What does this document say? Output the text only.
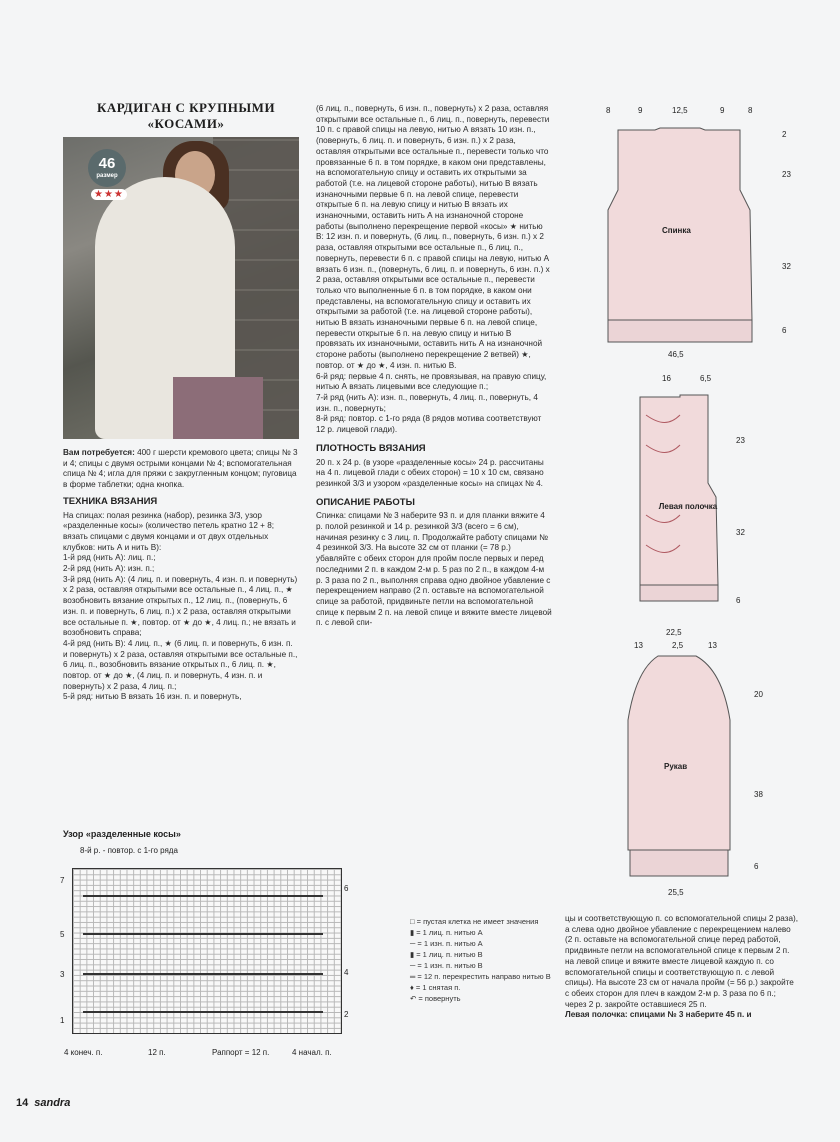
КАРДИГАН С КРУПНЫМИ
«КОСАМИ»
46
размер
★★★

Вам потребуется: 400 г шерсти кремового цвета; спицы № 3 и 4; спицы с двумя острыми концами № 4; вспомогательная спица № 4; игла для пряжи с закругленным концом; пуговица в форме таблетки; одна кнопка.

ТЕХНИКА ВЯЗАНИЯ

На спицах: полая резинка (набор), резинка 3/3, узор «разделенные косы» (количество петель кратно 12 + 8; вязать спицами с двумя концами и от двух отдельных клубков: нить А и нить В):

1-й ряд (нить А): лиц. п.;

2-й ряд (нить А): изн. п.;

3-й ряд (нить А): (4 лиц. п. и повернуть, 4 изн. п. и повернуть) х 2 раза, оставляя открытыми все остальные п., 4 лиц. п., ★ возобновить вязание открытых п., 12 лиц. п., (повернуть, 6 изн. п. и повернуть, 6 лиц. п.) х 2 раза, оставляя открытыми все остальные п. ★, повтор. от ★ до ★, 4 лиц. п.; не вязать и возобновить справа;

4-й ряд (нить В): 4 лиц. п., ★ (6 лиц. п. и повернуть, 6 изн. п. и повернуть) х 2 раза, оставляя открытыми все остальные п., 6 лиц. п., возобновить вязание открытых п., 6 лиц. п. ★, повтор. от ★ до ★, (4 лиц. п. и повернуть, 4 изн. п. и повернуть) х 2 раза, 4 лиц. п.;

5-й ряд: нитью В вязать 16 изн. п. и повернуть,

(6 лиц. п., повернуть, 6 изн. п., повернуть) х 2 раза, оставляя открытыми все остальные п., 6 лиц. п., повернуть, перевести 10 п. с правой спицы на левую, нитью А вязать 10 изн. п., (повернуть, 6 лиц. п. и повернуть, 6 изн. п.) х 2 раза, оставляя открытыми все остальные п., перевести только что провязанные 6 п. в том порядке, в каком они представлены, на вспомогательную спицу и оставить их открытыми за работой (т.е. на лицевой стороне работы), нитью В вязать изнаночными первые 6 п. на левой спице, перевести открытые 6 п. на левую спицу и нитью В вязать их изнаночными, оставить нить А на изнаночной стороне работы (выполнено перекрещение первой «косы» ★ нитью В: 12 изн. п. и повернуть, (6 лиц. п., повернуть, 6 изн. п.) х 2 раза, оставляя открытыми все остальные п., 6 лиц. п., повернуть, перевести 6 п. с правой спицы на левую, нитью А вязать 6 изн. п., (повернуть, 6 лиц. п. и повернуть, 6 изн. п.) х 2 раза, оставляя открытыми все остальные п., перевести только что выполненные 6 п. в том порядке, в каком они представлены, на вспомогательную спицу и оставить их открытыми за работой (т.е. на лицевой стороне работы), нитью В вязать изнаночными первые 6 п. на левой спице, перевести открытые 6 п. на левую спицу и нитью В провязать их изнаночными, оставить нить А на изнаночной стороне работы (выполнено перекрещение 2 ветвей) ★, повтор. от ★ до ★, 4 изн. п. нитью В.

6-й ряд: первые 4 п. снять, не провязывая, на правую спицу, нитью А вязать лицевыми все следующие п.;

7-й ряд (нить А): изн. п., повернуть, 4 лиц. п., повернуть, 4 изн. п., повернуть;

8-й ряд: повтор. с 1-го ряда (8 рядов мотива соответствуют 12 р. лицевой глади).

ПЛОТНОСТЬ ВЯЗАНИЯ

20 п. х 24 р. (в узоре «разделенные косы» 24 р. рассчитаны на 4 п. лицевой глади с обеих сторон) = 10 х 10 см, связано резинкой 3/3 и узором «разделенные косы» на спицах № 4.

ОПИСАНИЕ РАБОТЫ

Спинка: спицами № 3 наберите 93 п. и для планки вяжите 4 р. полой резинкой и 14 р. резинкой 3/3 (всего = 6 см), начиная резинку с 3 лиц. п. Продолжайте работу спицами № 4 резинкой 3/3. На высоте 32 см от планки (= 78 р.) убавляйте с обеих сторон для пройм после первых и перед последними 2 п. в каждом 2-м р. 5 раз по 2 п., в каждом 4-м р. 3 раза по 2 п., выполняя справа одно двойное убавление с перекрещением направо (2 п. оставьте на вспомогательной спице за работой, придвиньте петли на вспомогательной спице к первым 2 п. на левой спице и вяжите вместе лицевой п. с левой спи-

цы и соответствующую п. со вспомогательной спицы 2 раза), а слева одно двойное убавление с перекрещением налево (2 п. оставьте на вспомогательной спице перед работой, придвиньте петли на вспомогательной спице к первым 2 п. на левой спице и вяжите вместе лицевой каждую п. со вспомогательной спицы и соответствующую п. с левой спицы). На высоте 23 см от начала пройм (= 56 р.) закройте с обеих сторон для плеч в каждом 2-м р. 3 раза по 6 п.; через 2 р. закройте оставшиеся 25 п.

Левая полочка: спицами № 3 наберите 45 п. и

Узор «разделенные косы»
8-й р. - повтор. с 1-го ряда
7
5
3
1
6
4
2
4 конеч. п.	12 п.	Раппорт = 12 п.	4 начал. п.
□ = пустая клетка не имеет значения
▮ = 1 лиц. п. нитью А
─ = 1 изн. п. нитью А
▮ = 1 лиц. п. нитью В
─ = 1 изн. п. нитью В
═ = 12 п. перекрестить направо нитью В
♦ = 1 снятая п.
↶ = повернуть
8	9	12,5	9	8
Спинка
2
23
32
6
46,5
16	6,5
Левая полочка
23
32
6
22,5
13	2,5	13
Рукав
20
38
6
25,5
14 sandra
